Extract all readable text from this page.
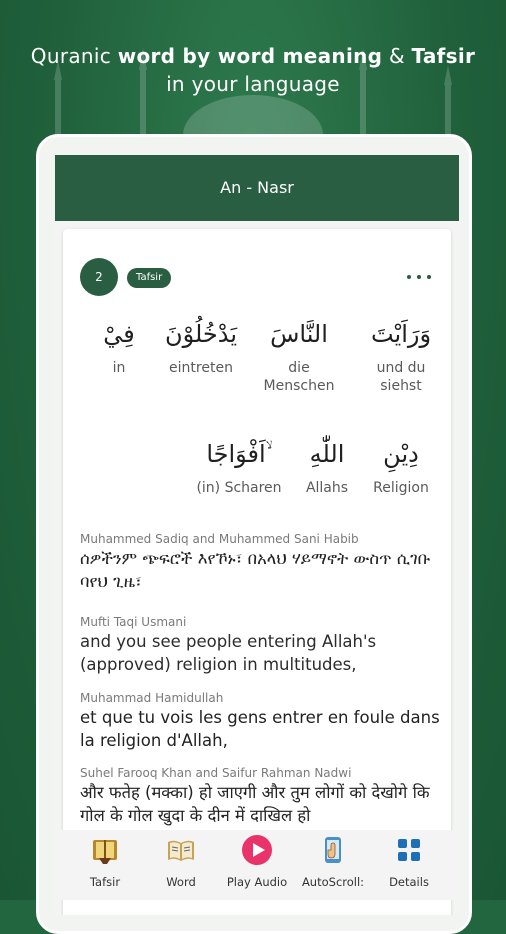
Quranic word by word meaning & Tafsir
in your language
An - Nasr
2	Tafsir
وَرَاَيْتَ
und du siehst
النَّاسَ
die Menschen
يَدْخُلُوْنَ
eintreten
فِيْ
in
دِيْنِ
Religion
اللّٰهِ
Allahs
اَفْوَاجًا ۙ
(in) Scharen
Muhammed Sadiq and Muhammed Sani Habib
ሰዎችንም ጭፍሮች እየኾኑ፣ በአላህ ሃይማኖት ውስጥ ሲገቡ ባየህ ጊዜ፣
Mufti Taqi Usmani
and you see people entering Allah's (approved) religion in multitudes,
Muhammad Hamidullah
et que tu vois les gens entrer en foule dans la religion d'Allah,
Suhel Farooq Khan and Saifur Rahman Nadwi
और फतेह (मक्का) हो जाएगी और तुम लोगों को देखोगे कि गोल के गोल खुदा के दीन में दाखिल हो
Tafsir	Word	Play Audio	AutoScroll:	Details
